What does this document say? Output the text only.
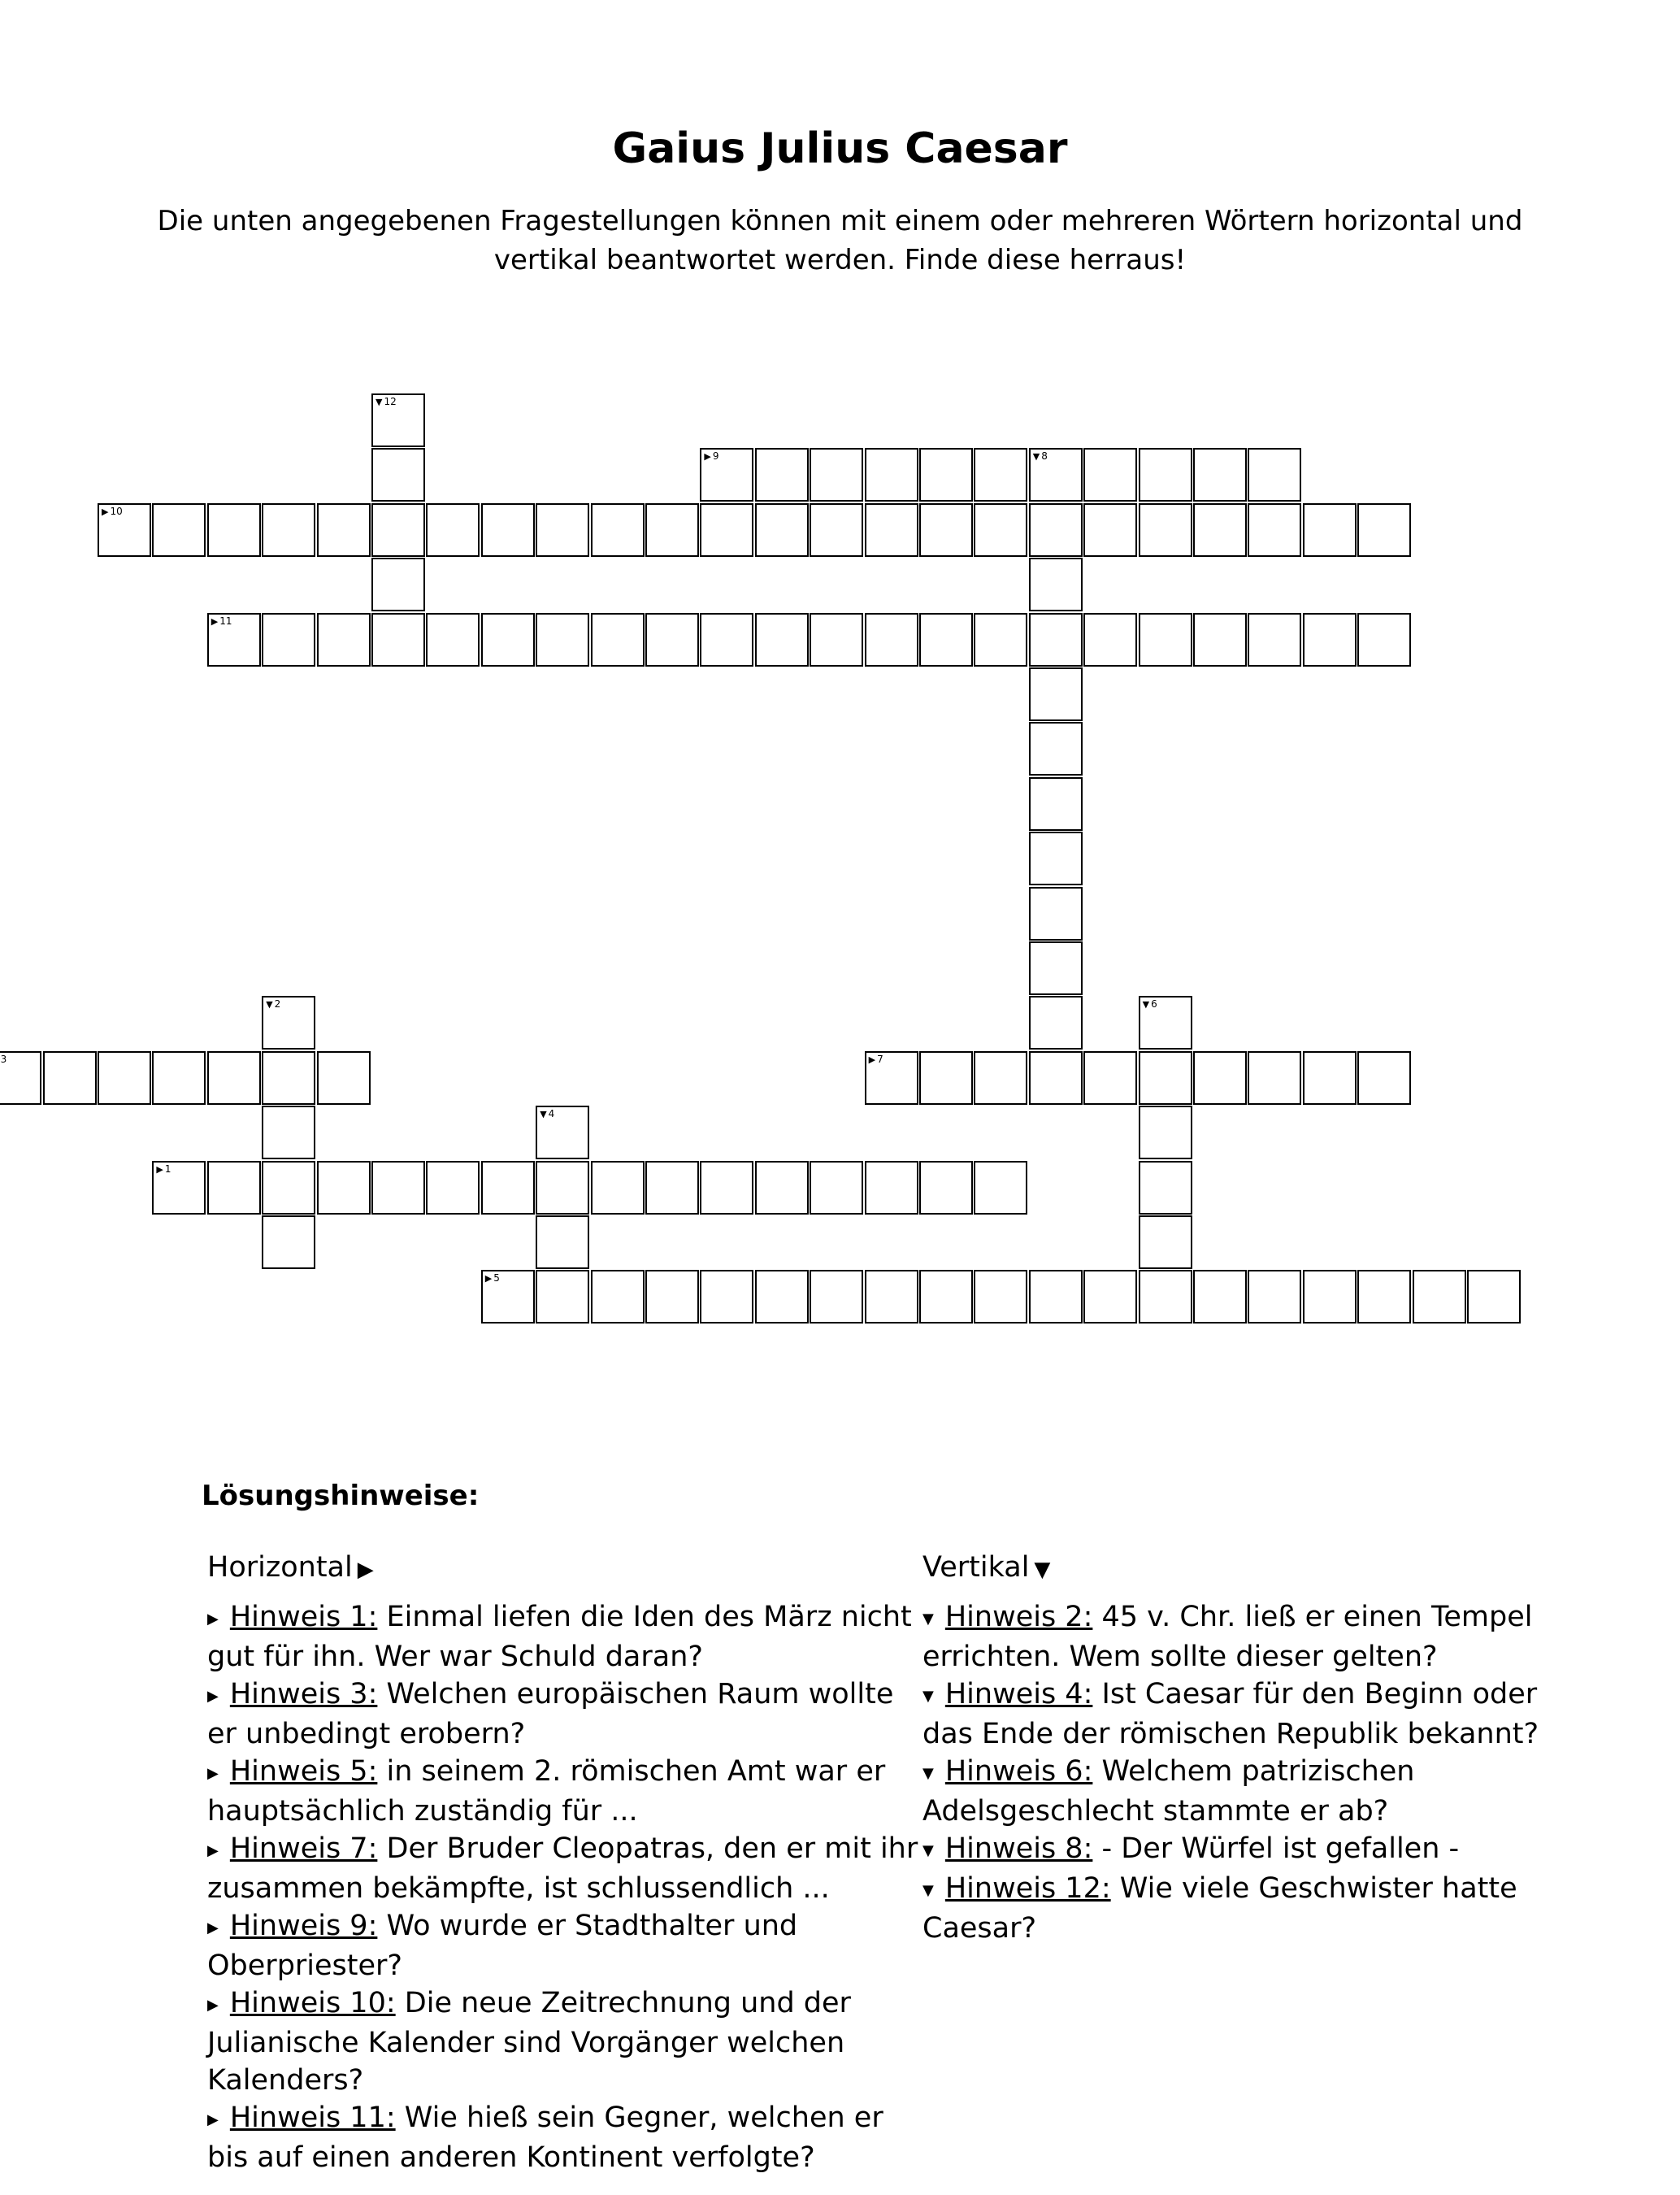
Gaius Julius Caesar
Die unten angegebenen Fragestellungen können mit einem oder mehreren Wörtern horizontal und vertikal beantwortet werden. Finde diese herraus!
▼ 12
▶ 9	▼ 8
▶ 10
▶ 11
▼ 2	▼ 6
3	▶ 7
▼ 4
▶ 1
▶ 5
Lösungshinweise:
Horizontal ▶

▶ Hinweis 1: Einmal liefen die Iden des März nicht gut für ihn. Wer war Schuld daran?

▶ Hinweis 3: Welchen europäischen Raum wollte er unbedingt erobern?

▶ Hinweis 5: in seinem 2. römischen Amt war er hauptsächlich zuständig für ...

▶ Hinweis 7: Der Bruder Cleopatras, den er mit ihr zusammen bekämpfte, ist schlussendlich ...

▶ Hinweis 9: Wo wurde er Stadthalter und Oberpriester?

▶ Hinweis 10: Die neue Zeitrechnung und der Julianische Kalender sind Vorgänger welchen Kalenders?

▶ Hinweis 11: Wie hieß sein Gegner, welchen er bis auf einen anderen Kontinent verfolgte?

Vertikal ▼

▼ Hinweis 2: 45 v. Chr. ließ er einen Tempel errichten. Wem sollte dieser gelten?

▼ Hinweis 4: Ist Caesar für den Beginn oder das Ende der römischen Republik bekannt?

▼ Hinweis 6: Welchem patrizischen Adelsgeschlecht stammte er ab?

▼ Hinweis 8: - Der Würfel ist gefallen -

▼ Hinweis 12: Wie viele Geschwister hatte Caesar?
